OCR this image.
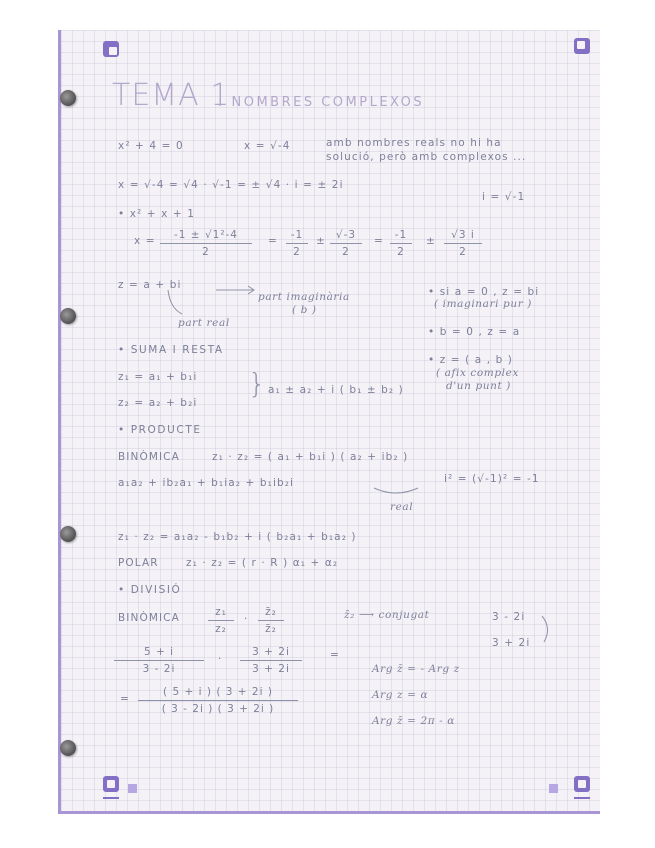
TEMA 1
: NOMBRES COMPLEXOS
x² + 4 = 0	x = √-4	amb nombres reals no hi ha
solució, però amb complexos ...
x = √-4 = √4 · √-1 = ± √4 · i = ± 2i
i = √-1
• x² + x + 1
x =	-1 ± √1²-4
2
=	-1
2
± √-3
2
=	-1
2
±	√3 i
2
z = a + bi
part imaginària
( b )
part real
• si a = 0 , z = bi
( imaginari pur )
• b = 0 , z = a
• z = ( a , b )
( afix complex
d'un punt )
• SUMA I RESTA
z₁ = a₁ + b₁i
z₂ = a₂ + b₂i
} a₁ ± a₂ + i ( b₁ ± b₂ )
• PRODUCTE
BINÒMICA	z₁ · z₂ = ( a₁ + b₁i ) ( a₂ + ib₂ )
a₁a₂ + ib₂a₁ + b₁ia₂ + b₁ib₂i	i² = (√-1)² = -1
real
z₁ · z₂ = a₁a₂ - b₁b₂ + i ( b₂a₁ + b₁a₂ )
POLAR	z₁ · z₂ = ( r · R ) α₁ + α₂
• DIVISIÓ
BINÒMICA	z₁
z₂
·
z̄₂
z̄₂
z̄₂ ⟶ conjugat	3 - 2i
3 + 2i
5 + i
3 - 2i
·
3 + 2i
3 + 2i
=
=
( 5 + i ) ( 3 + 2i )
( 3 - 2i ) ( 3 + 2i )
Arg z̄ = - Arg z
Arg z = α
Arg z̄ = 2π - α
